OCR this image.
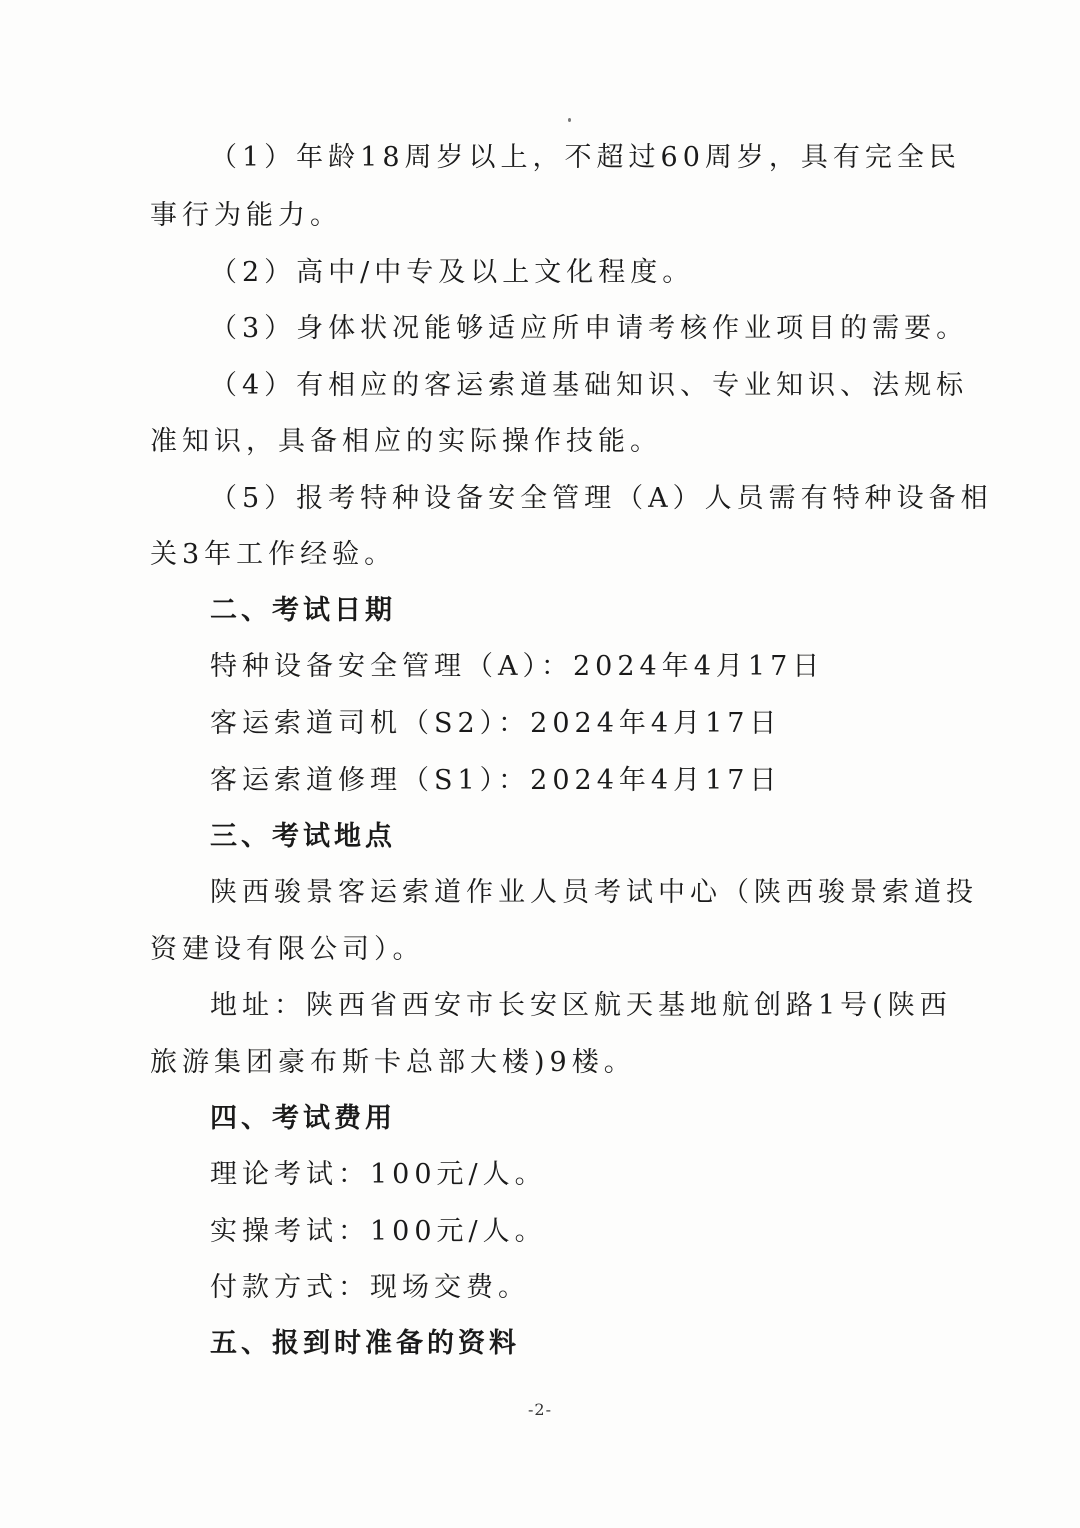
（1）年龄18周岁以上，不超过60周岁，具有完全民
事行为能力。
（2）高中/中专及以上文化程度。
（3）身体状况能够适应所申请考核作业项目的需要。
（4）有相应的客运索道基础知识、专业知识、法规标
准知识，具备相应的实际操作技能。
（5）报考特种设备安全管理（A）人员需有特种设备相
关3年工作经验。
二、考试日期
特种设备安全管理（A）：2024年4月17日
客运索道司机（S2）：2024年4月17日
客运索道修理（S1）：2024年4月17日
三、考试地点
陕西骏景客运索道作业人员考试中心（陕西骏景索道投
资建设有限公司）。
地址：陕西省西安市长安区航天基地航创路1号(陕西
旅游集团豪布斯卡总部大楼)9楼。
四、考试费用
理论考试：100元/人。
实操考试：100元/人。
付款方式：现场交费。
五、报到时准备的资料
-2-
